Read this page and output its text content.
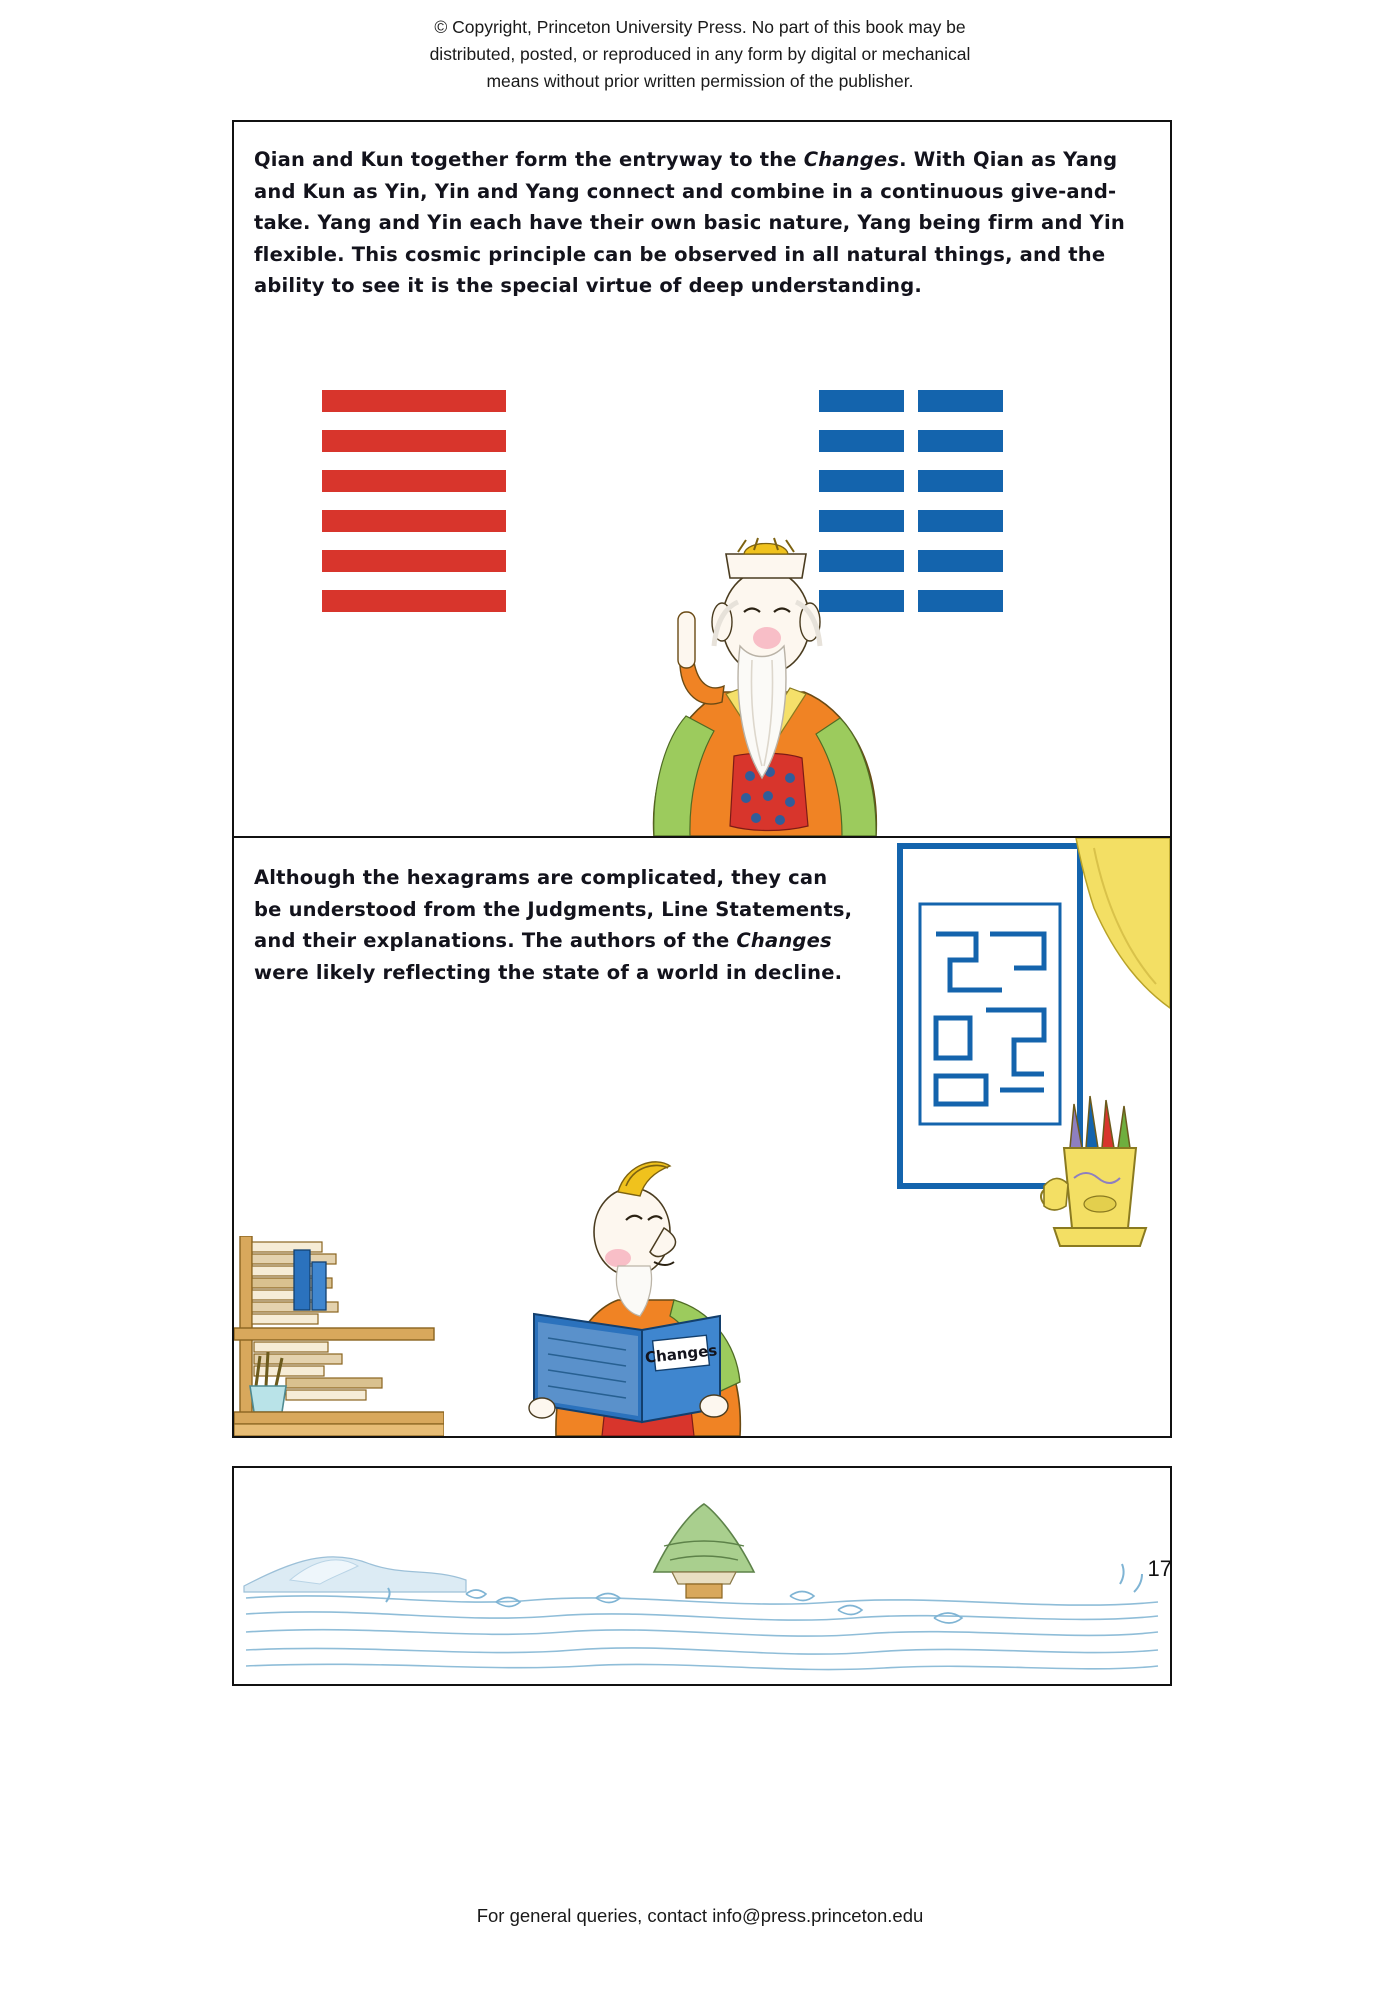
© Copyright, Princeton University Press. No part of this book may be
distributed, posted, or reproduced in any form by digital or mechanical
means without prior written permission of the publisher.
Qian and Kun together form the entryway to the Changes. With Qian as Yang and Kun as Yin, Yin and Yang connect and combine in a continuous give-and-take. Yang and Yin each have their own basic nature, Yang being firm and Yin flexible. This cosmic principle can be observed in all natural things, and the ability to see it is the special virtue of deep understanding.
Although the hexagrams are complicated, they can be understood from the Judgments, Line Statements, and their explanations. The authors of the Changes were likely reflecting the state of a world in decline.
Changes
17
For general queries, contact info@press.princeton.edu
